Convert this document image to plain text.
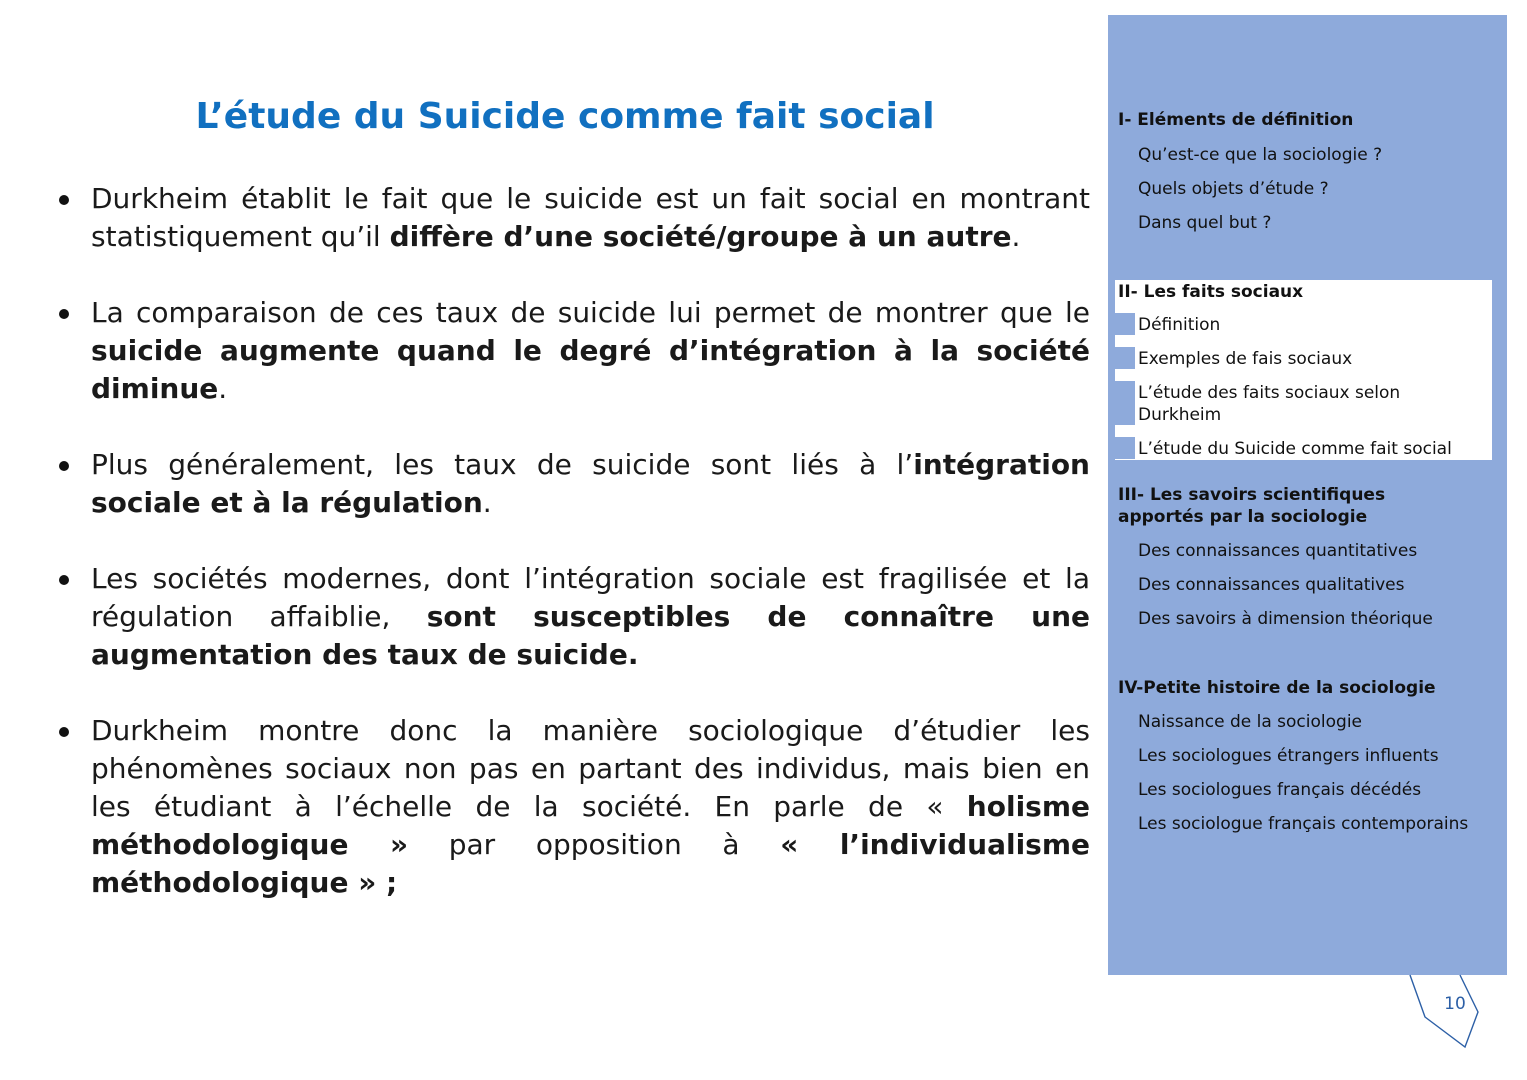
L’étude du Suicide comme fait social

Durkheim établit le fait que le suicide est un fait social en montrant statistiquement qu’il diffère d’une société/groupe à un autre.

La comparaison de ces taux de suicide lui permet de montrer que le suicide augmente quand le degré d’intégration à la société diminue.

Plus généralement, les taux de suicide sont liés à l’intégration sociale et à la régulation.

Les sociétés modernes, dont l’intégration sociale est fragilisée et la régulation affaiblie, sont susceptibles de connaître une augmentation des taux de suicide.

Durkheim montre donc la manière sociologique d’étudier les phénomènes sociaux non pas en partant des individus, mais bien en les étudiant à l’échelle de la société. En parle de « holisme méthodologique » par opposition à « l’individualisme méthodologique » ;

I- Eléments de définition
Qu’est-ce que la sociologie ?
Quels objets d’étude ?
Dans quel but ?
II- Les faits sociaux
Définition
Exemples de fais sociaux
L’étude des faits sociaux selon Durkheim
L’étude du Suicide comme fait social
III- Les savoirs scientifiques apportés par la sociologie
Des connaissances quantitatives
Des connaissances qualitatives
Des savoirs à dimension théorique
IV-Petite histoire de la sociologie
Naissance de la sociologie
Les sociologues étrangers influents
Les sociologues français décédés
Les sociologue français contemporains
10
